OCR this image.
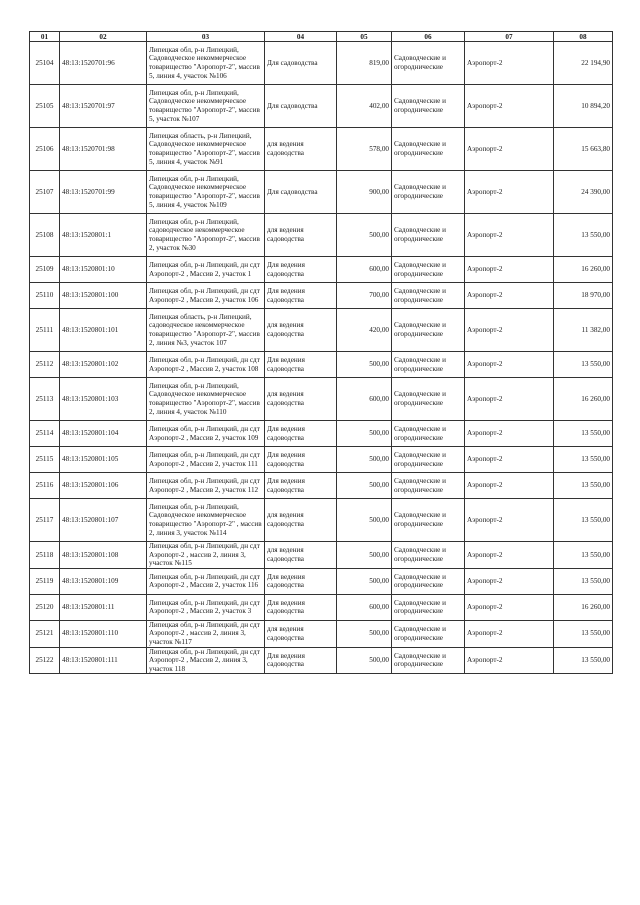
01	02	03	04	05	06	07	08
25104	48:13:1520701:96	Липецкая обл, р-н Липецкий, Садоводческое некоммерческое товарищество "Аэропорт-2", массив 5, линия 4, участок №106	Для садоводства	819,00	Садоводческие и огороднические	Аэропорт-2	22 194,90
25105	48:13:1520701:97	Липецкая обл, р-н Липецкий, Садоводческое некоммерческое товарищество "Аэропорт-2", массив 5, участок №107	Для садоводства	402,00	Садоводческие и огороднические	Аэропорт-2	10 894,20
25106	48:13:1520701:98	Липецкая область, р-н Липецкий, Садоводческое некоммерческое товарищество "Аэропорт-2", массив 5, линия 4, участок №91	для ведения садоводства	578,00	Садоводческие и огороднические	Аэропорт-2	15 663,80
25107	48:13:1520701:99	Липецкая обл, р-н Липецкий, Садоводческое некоммерческое товарищество "Аэропорт-2", массив 5, линия 4, участок №109	Для садоводства	900,00	Садоводческие и огороднические	Аэропорт-2	24 390,00
25108	48:13:1520801:1	Липецкая обл, р-н Липецкий, садоводческое некоммерческое товарищество "Аэропорт-2", массив 2, участок №30	для ведения садоводства	500,00	Садоводческие и огороднические	Аэропорт-2	13 550,00
25109	48:13:1520801:10	Липецкая обл, р-н Липецкий, дн сдт Аэропорт-2 , Массив 2, участок 1	Для ведения садоводства	600,00	Садоводческие и огороднические	Аэропорт-2	16 260,00
25110	48:13:1520801:100	Липецкая обл, р-н Липецкий, дн сдт Аэропорт-2 , Массив 2, участок 106	Для ведения садоводства	700,00	Садоводческие и огороднические	Аэропорт-2	18 970,00
25111	48:13:1520801:101	Липецкая область, р-н Липецкий, садоводческое некоммерческое товарищество "Аэропорт-2", массив 2, линия №3, участок 107	для ведения садоводства	420,00	Садоводческие и огороднические	Аэропорт-2	11 382,00
25112	48:13:1520801:102	Липецкая обл, р-н Липецкий, дн сдт Аэропорт-2 , Массив 2, участок 108	Для ведения садоводства	500,00	Садоводческие и огороднические	Аэропорт-2	13 550,00
25113	48:13:1520801:103	Липецкая обл, р-н Липецкий, Садоводческое некоммерческое товарищество "Аэропорт-2", массив 2, линия 4, участок №110	для ведения садоводства	600,00	Садоводческие и огороднические	Аэропорт-2	16 260,00
25114	48:13:1520801:104	Липецкая обл, р-н Липецкий, дн сдт Аэропорт-2 , Массив 2, участок 109	Для ведения садоводства	500,00	Садоводческие и огороднические	Аэропорт-2	13 550,00
25115	48:13:1520801:105	Липецкая обл, р-н Липецкий, дн сдт Аэропорт-2 , Массив 2, участок 111	Для ведения садоводства	500,00	Садоводческие и огороднические	Аэропорт-2	13 550,00
25116	48:13:1520801:106	Липецкая обл, р-н Липецкий, дн сдт Аэропорт-2 , Массив 2, участок 112	Для ведения садоводства	500,00	Садоводческие и огороднические	Аэропорт-2	13 550,00
25117	48:13:1520801:107	Липецкая обл, р-н Липецкий, Садоводческое некоммерческое товарищество "Аэропорт-2" , массив 2, линия 3, участок №114	для ведения садоводства	500,00	Садоводческие и огороднические	Аэропорт-2	13 550,00
25118	48:13:1520801:108	Липецкая обл, р-н Липецкий, дн сдт Аэропорт-2 , массив 2, линия 3, участок №115	для ведения садоводства	500,00	Садоводческие и огороднические	Аэропорт-2	13 550,00
25119	48:13:1520801:109	Липецкая обл, р-н Липецкий, дн сдт Аэропорт-2 , Массив 2, участок 116	Для ведения садоводства	500,00	Садоводческие и огороднические	Аэропорт-2	13 550,00
25120	48:13:1520801:11	Липецкая обл, р-н Липецкий, дн сдт Аэропорт-2 , Массив 2, участок 3	Для ведения садоводства	600,00	Садоводческие и огороднические	Аэропорт-2	16 260,00
25121	48:13:1520801:110	Липецкая обл, р-н Липецкий, дн сдт Аэропорт-2 , массив 2, линия 3, участок №117	для ведения садоводства	500,00	Садоводческие и огороднические	Аэропорт-2	13 550,00
25122	48:13:1520801:111	Липецкая обл, р-н Липецкий, дн сдт Аэропорт-2 , Массив 2, линия 3, участок 118	Для ведения садоводства	500,00	Садоводческие и огороднические	Аэропорт-2	13 550,00
